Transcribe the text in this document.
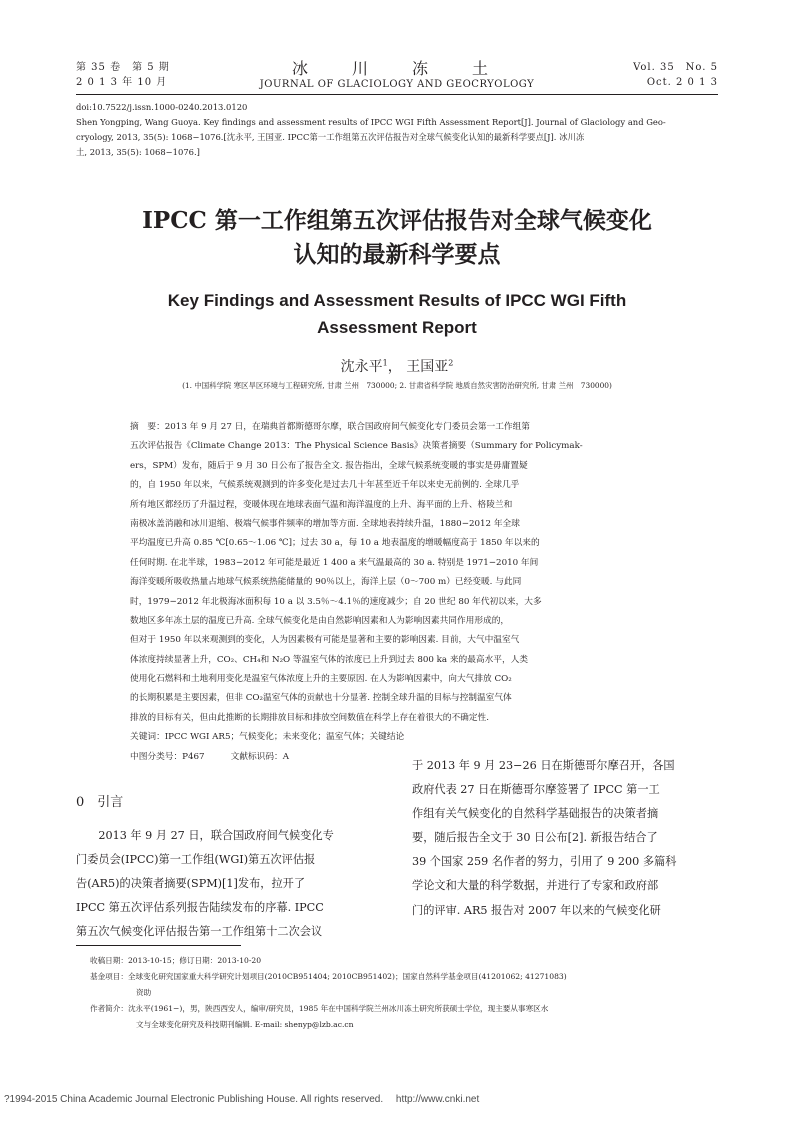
第 35 卷　第 5 期
2 0 1 3 年 10 月
冰　川　冻　土
JOURNAL OF GLACIOLOGY AND GEOCRYOLOGY
Vol. 35　No. 5
Oct. 2 0 1 3
doi:10.7522/j.issn.1000-0240.2013.0120
Shen Yongping, Wang Guoya. Key findings and assessment results of IPCC WGI Fifth Assessment Report[J]. Journal of Glaciology and Geo-
cryology, 2013, 35(5): 1068−1076.[沈永平, 王国亚. IPCC第一工作组第五次评估报告对全球气候变化认知的最新科学要点[J]. 冰川冻
土, 2013, 35(5): 1068−1076.]
IPCC 第一工作组第五次评估报告对全球气候变化
认知的最新科学要点
Key Findings and Assessment Results of IPCC WGI Fifth
Assessment Report
沈永平$^1$， 王国亚$^2$
(1. 中国科学院 寒区旱区环境与工程研究所, 甘肃 兰州　730000; 2. 甘肃省科学院 地质自然灾害防治研究所, 甘肃 兰州　730000)
摘　要：2013 年 9 月 27 日，在瑞典首都斯德哥尔摩，联合国政府间气候变化专门委员会第一工作组第
五次评估报告《Climate Change 2013：The Physical Science Basis》决策者摘要（Summary for Policymak-
ers，SPM）发布，随后于 9 月 30 日公布了报告全文. 报告指出，全球气候系统变暖的事实是毋庸置疑
的，自 1950 年以来，气候系统观测到的许多变化是过去几十年甚至近千年以来史无前例的. 全球几乎
所有地区都经历了升温过程，变暖体现在地球表面气温和海洋温度的上升、海平面的上升、格陵兰和
南极冰盖消融和冰川退缩、极端气候事件频率的增加等方面. 全球地表持续升温，1880−2012 年全球
平均温度已升高 0.85 ℃[0.65～1.06 ℃]；过去 30 a，每 10 a 地表温度的增暖幅度高于 1850 年以来的
任何时期. 在北半球，1983−2012 年可能是最近 1 400 a 来气温最高的 30 a. 特别是 1971−2010 年间
海洋变暖所吸收热量占地球气候系统热能储量的 90％以上，海洋上层（0～700 m）已经变暖. 与此同
时，1979−2012 年北极海冰面积每 10 a 以 3.5％～4.1％的速度减少；自 20 世纪 80 年代初以来，大多
数地区多年冻土层的温度已升高. 全球气候变化是由自然影响因素和人为影响因素共同作用形成的，
但对于 1950 年以来观测到的变化，人为因素极有可能是显著和主要的影响因素. 目前，大气中温室气
体浓度持续显著上升，CO₂、CH₄和 N₂O 等温室气体的浓度已上升到过去 800 ka 来的最高水平，人类
使用化石燃料和土地利用变化是温室气体浓度上升的主要原因. 在人为影响因素中，向大气排放 CO₂
的长期积累是主要因素，但非 CO₂温室气体的贡献也十分显著. 控制全球升温的目标与控制温室气体
排放的目标有关，但由此推断的长期排放目标和排放空间数值在科学上存在着很大的不确定性.
关键词：IPCC WGI AR5；气候变化；未来变化；温室气体；关键结论
中图分类号：P467　　　文献标识码：A
0　引言
　　2013 年 9 月 27 日，联合国政府间气候变化专
门委员会(IPCC)第一工作组(WGI)第五次评估报
告(AR5)的决策者摘要(SPM)[1]发布，拉开了
IPCC 第五次评估系列报告陆续发布的序幕. IPCC
第五次气候变化评估报告第一工作组第十二次会议
于 2013 年 9 月 23−26 日在斯德哥尔摩召开，各国
政府代表 27 日在斯德哥尔摩签署了 IPCC 第一工
作组有关气候变化的自然科学基础报告的决策者摘
要，随后报告全文于 30 日公布[2]. 新报告结合了
39 个国家 259 名作者的努力，引用了 9 200 多篇科
学论文和大量的科学数据，并进行了专家和政府部
门的评审. AR5 报告对 2007 年以来的气候变化研
收稿日期：2013-10-15；修订日期：2013-10-20
基金项目：全球变化研究国家重大科学研究计划项目(2010CB951404; 2010CB951402)；国家自然科学基金项目(41201062; 41271083)
资助
作者简介：沈永平(1961−)，男，陕西西安人，编审/研究员，1985 年在中国科学院兰州冰川冻土研究所获硕士学位，现主要从事寒区水
文与全球变化研究及科技期刊编辑. E-mail: shenyp@lzb.ac.cn
?1994-2015 China Academic Journal Electronic Publishing House. All rights reserved.　 http://www.cnki.net
